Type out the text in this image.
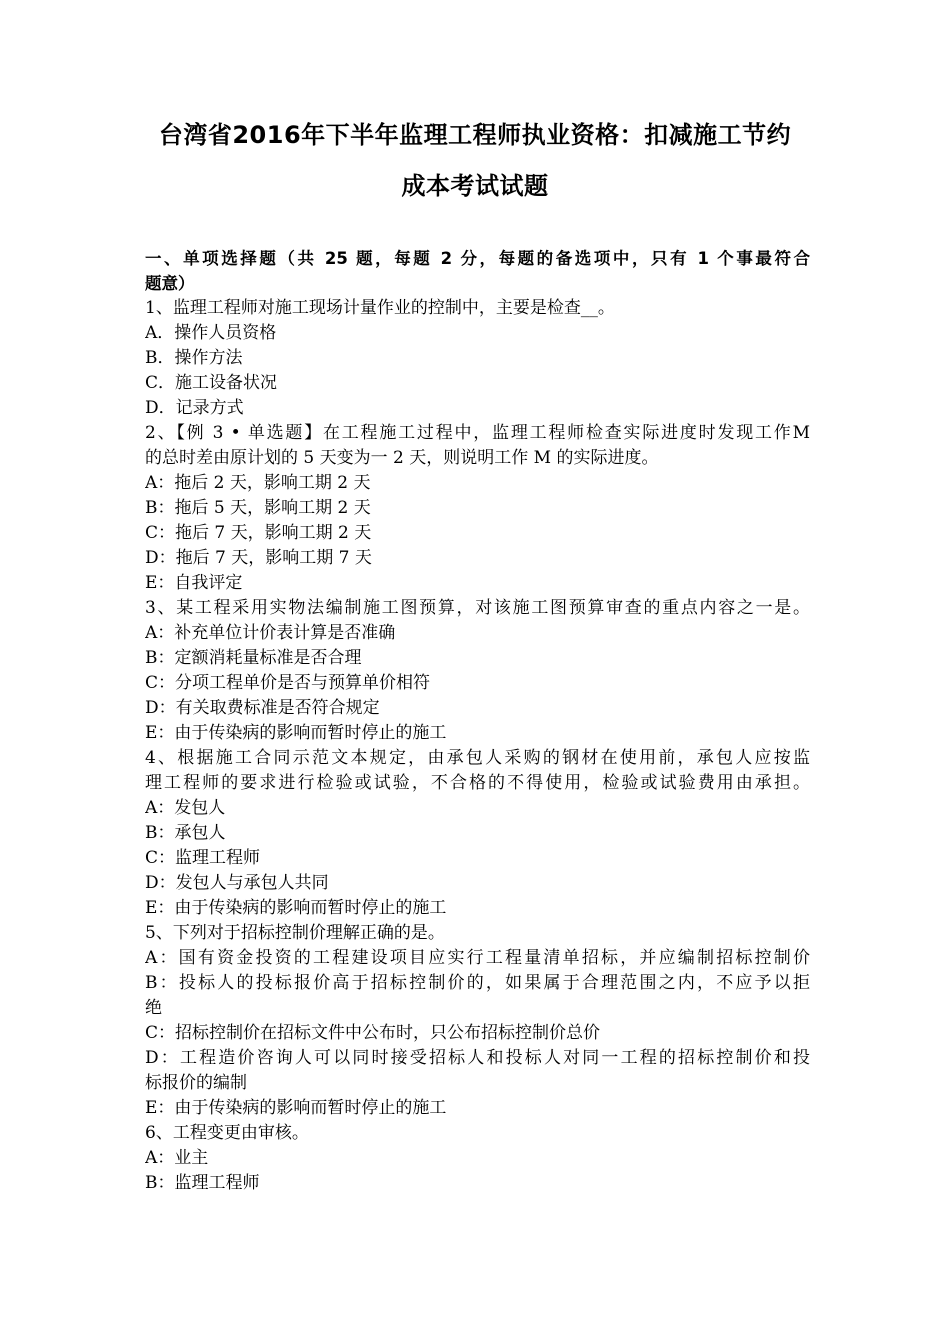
台湾省2016年下半年监理工程师执业资格：扣减施工节约
成本考试试题
一、单项选择题（共 25 题，每题 2 分，每题的备选项中，只有 1 个事最符合
题意）
1、监理工程师对施工现场计量作业的控制中，主要是检查__。
A．操作人员资格
B．操作方法
C．施工设备状况
D．记录方式
2、【例 3 • 单选题】在工程施工过程中，监理工程师检查实际进度时发现工作M
的总时差由原计划的 5 天变为一 2 天，则说明工作 M 的实际进度。
A：拖后 2 天，影响工期 2 天
B：拖后 5 天，影响工期 2 天
C：拖后 7 天，影响工期 2 天
D：拖后 7 天，影响工期 7 天
E：自我评定
3、某工程采用实物法编制施工图预算，对该施工图预算审查的重点内容之一是。
A：补充单位计价表计算是否准确
B：定额消耗量标准是否合理
C：分项工程单价是否与预算单价相符
D：有关取费标准是否符合规定
E：由于传染病的影响而暂时停止的施工
4、根据施工合同示范文本规定，由承包人采购的钢材在使用前，承包人应按监
理工程师的要求进行检验或试验，不合格的不得使用，检验或试验费用由承担。
A：发包人
B：承包人
C：监理工程师
D：发包人与承包人共同
E：由于传染病的影响而暂时停止的施工
5、下列对于招标控制价理解正确的是。
A：国有资金投资的工程建设项目应实行工程量清单招标，并应编制招标控制价
B：投标人的投标报价高于招标控制价的，如果属于合理范围之内，不应予以拒
绝
C：招标控制价在招标文件中公布时，只公布招标控制价总价
D：工程造价咨询人可以同时接受招标人和投标人对同一工程的招标控制价和投
标报价的编制
E：由于传染病的影响而暂时停止的施工
6、工程变更由审核。
A：业主
B：监理工程师
